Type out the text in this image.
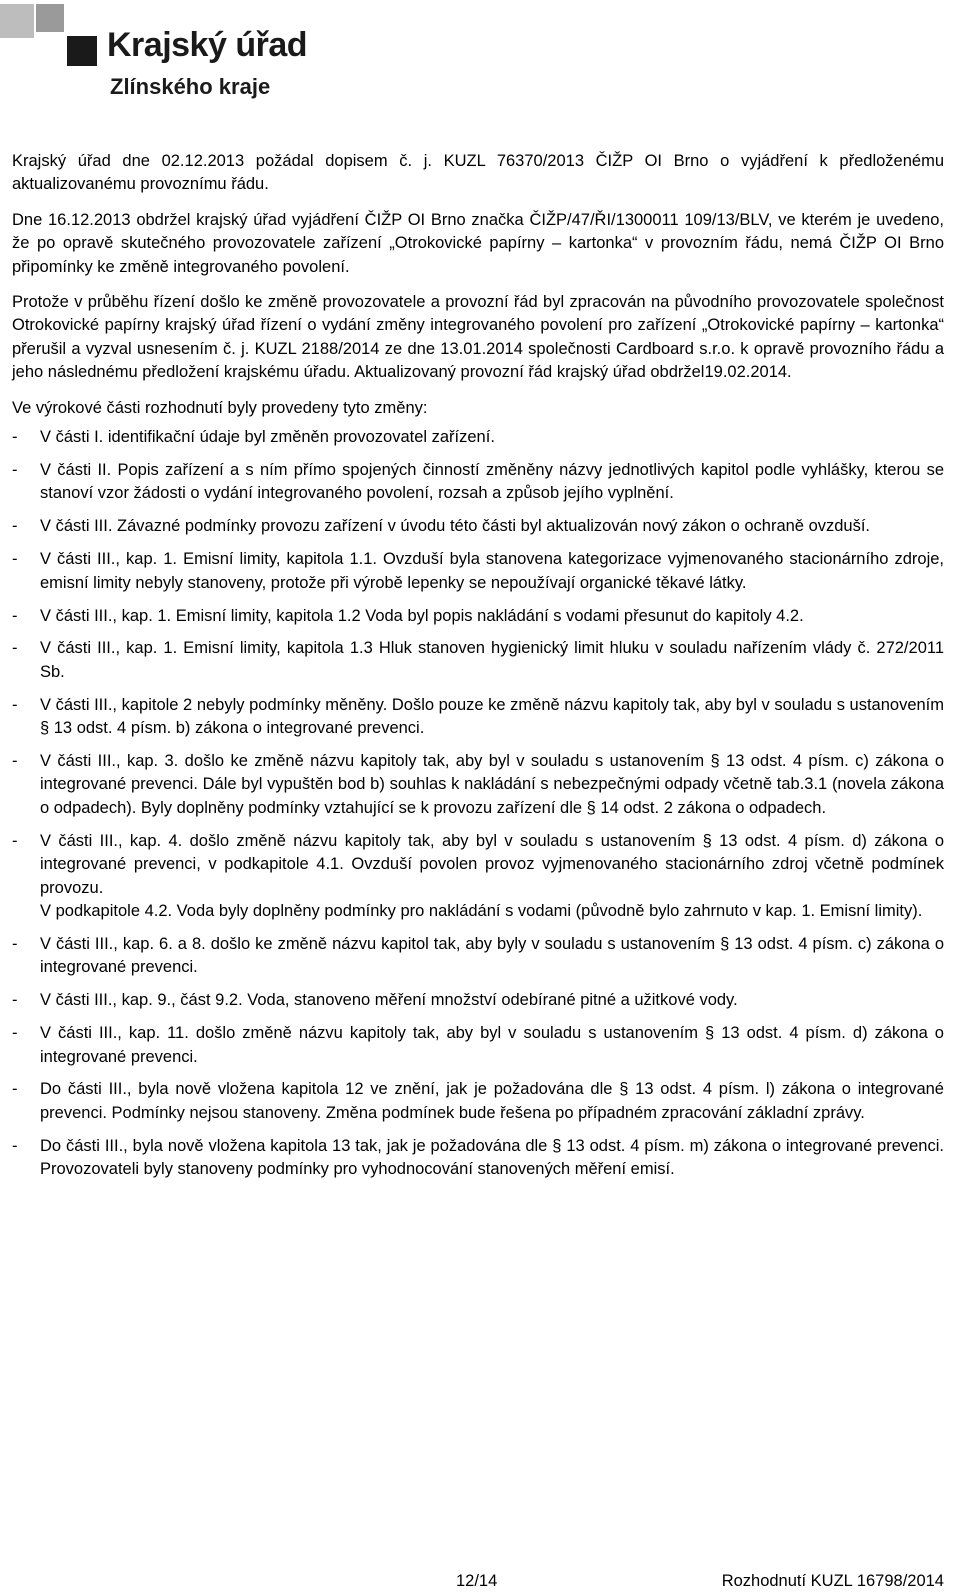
Krajský úřad
Zlínského kraje

Krajský úřad dne 02.12.2013 požádal dopisem č. j. KUZL 76370/2013 ČIŽP OI Brno o vyjádření k předloženému aktualizovanému provoznímu řádu.

Dne 16.12.2013 obdržel krajský úřad vyjádření ČIŽP OI Brno značka ČIŽP/47/ŘI/1300011 109/13/BLV, ve kterém je uvedeno, že po opravě skutečného provozovatele zařízení „Otrokovické papírny – kartonka“ v provozním řádu, nemá ČIŽP OI Brno připomínky ke změně integrovaného povolení.

Protože v průběhu řízení došlo ke změně provozovatele a provozní řád byl zpracován na původního provozovatele společnost Otrokovické papírny krajský úřad řízení o vydání změny integrovaného povolení pro zařízení „Otrokovické papírny – kartonka“ přerušil a vyzval usnesením č. j. KUZL 2188/2014 ze dne 13.01.2014 společnosti Cardboard s.r.o. k opravě provozního řádu a jeho následnému předložení krajskému úřadu. Aktualizovaný provozní řád krajský úřad obdržel19.02.2014.

Ve výrokové části rozhodnutí byly provedeny tyto změny:

-	V části I. identifikační údaje byl změněn provozovatel zařízení.
-	V části II. Popis zařízení a s ním přímo spojených činností změněny názvy jednotlivých kapitol podle vyhlášky, kterou se stanoví vzor žádosti o vydání integrovaného povolení, rozsah a způsob jejího vyplnění.
-	V části III. Závazné podmínky provozu zařízení v úvodu této části byl aktualizován nový zákon o ochraně ovzduší.
-	V části III., kap. 1. Emisní limity, kapitola 1.1. Ovzduší byla stanovena kategorizace vyjmenovaného stacionárního zdroje, emisní limity nebyly stanoveny, protože při výrobě lepenky se nepoužívají organické těkavé látky.
-	V části III., kap. 1. Emisní limity, kapitola 1.2 Voda byl popis nakládání s vodami přesunut do kapitoly 4.2.
-	V části III., kap. 1. Emisní limity, kapitola 1.3 Hluk stanoven hygienický limit hluku v souladu nařízením vlády č. 272/2011 Sb.
-	V části III., kapitole 2 nebyly podmínky měněny. Došlo pouze ke změně názvu kapitoly tak, aby byl v souladu s ustanovením § 13 odst. 4 písm. b) zákona o integrované prevenci.
-	V části III., kap. 3. došlo ke změně názvu kapitoly tak, aby byl v souladu s ustanovením § 13 odst. 4 písm. c) zákona o integrované prevenci. Dále byl vypuštěn bod b) souhlas k nakládání s nebezpečnými odpady včetně tab.3.1 (novela zákona o odpadech). Byly doplněny podmínky vztahující se k provozu zařízení dle § 14 odst. 2 zákona o odpadech.
-	V části III., kap. 4. došlo změně názvu kapitoly tak, aby byl v souladu s ustanovením § 13 odst. 4 písm. d) zákona o integrované prevenci, v podkapitole 4.1. Ovzduší povolen provoz vyjmenovaného stacionárního zdroj včetně podmínek provozu.
V podkapitole 4.2. Voda byly doplněny podmínky pro nakládání s vodami (původně bylo zahrnuto v kap. 1. Emisní limity).
-	V části III., kap. 6. a 8. došlo ke změně názvu kapitol tak, aby byly v souladu s ustanovením § 13 odst. 4 písm. c) zákona o integrované prevenci.
-	V části III., kap. 9., část 9.2. Voda, stanoveno měření množství odebírané pitné a užitkové vody.
-	V části III., kap. 11. došlo změně názvu kapitoly tak, aby byl v souladu s ustanovením § 13 odst. 4 písm. d) zákona o integrované prevenci.
-	Do části III., byla nově vložena kapitola 12 ve znění, jak je požadována dle § 13 odst. 4 písm. l) zákona o integrované prevenci. Podmínky nejsou stanoveny. Změna podmínek bude řešena po případném zpracování základní zprávy.
-	Do části III., byla nově vložena kapitola 13 tak, jak je požadována dle § 13 odst. 4 písm. m) zákona o integrované prevenci. Provozovateli byly stanoveny podmínky pro vyhodnocování stanovených měření emisí.
12/14	Rozhodnutí KUZL 16798/2014
